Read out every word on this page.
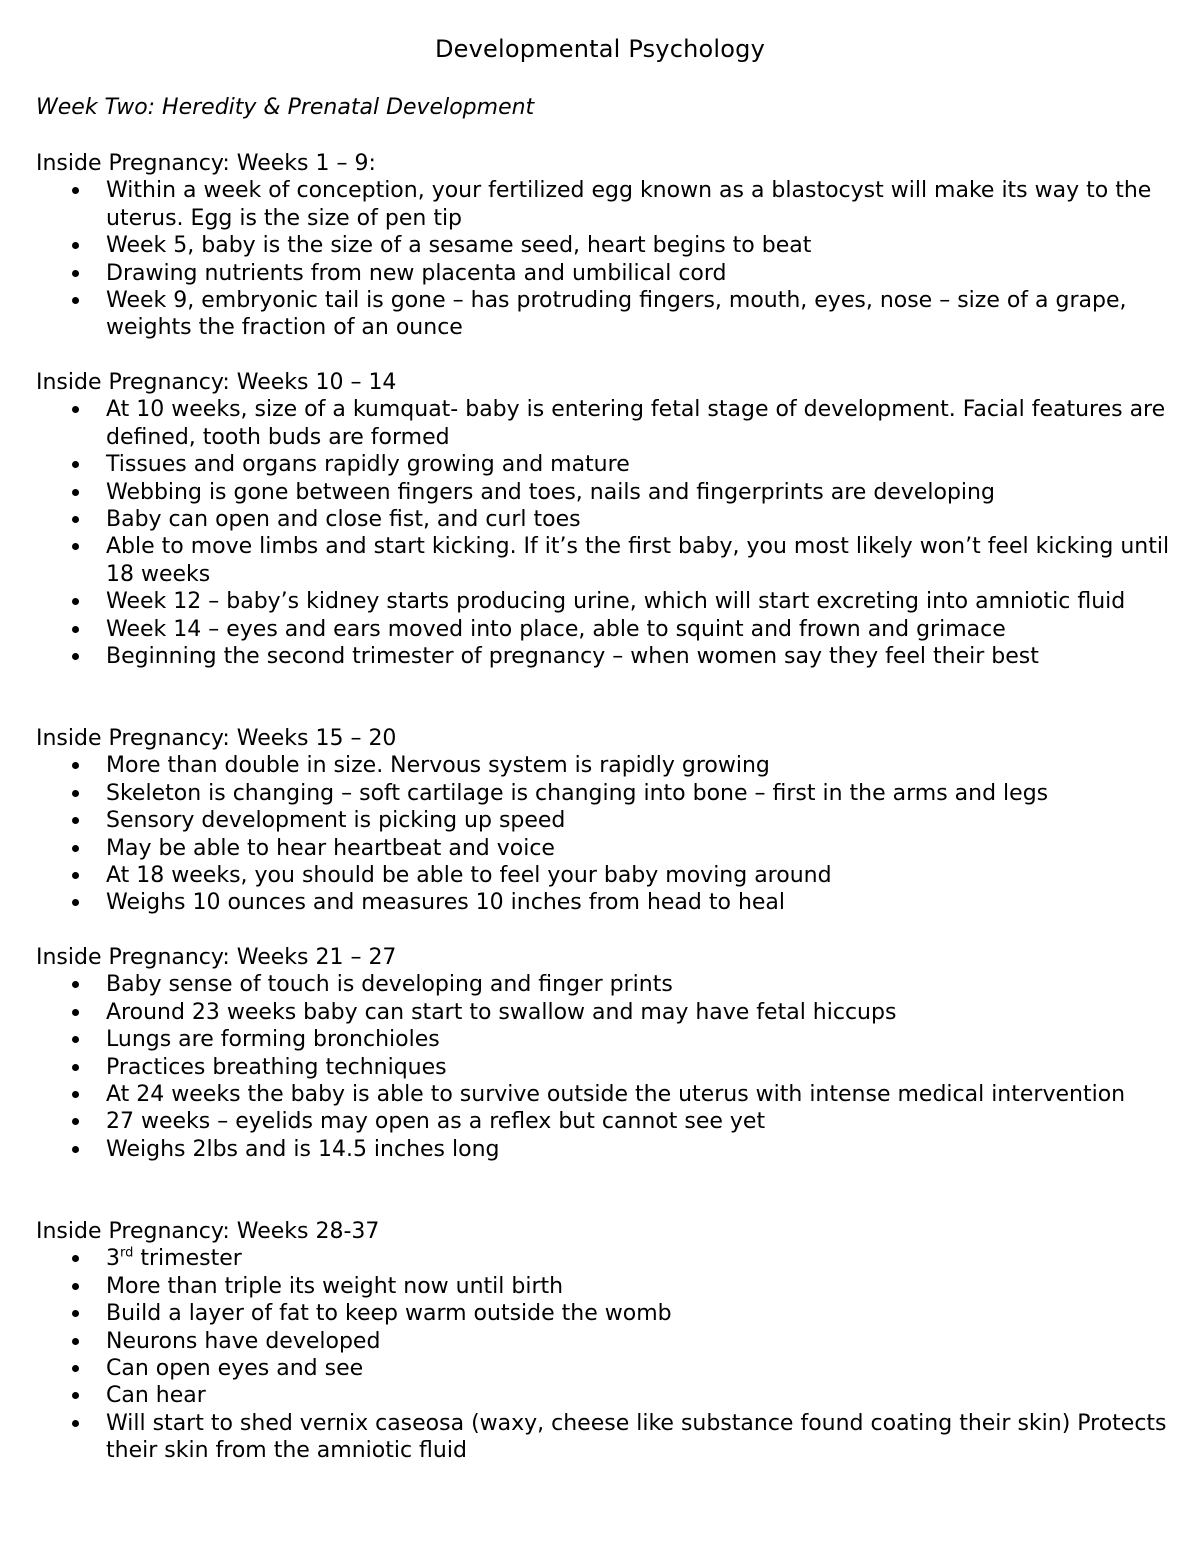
Developmental Psychology
Week Two: Heredity & Prenatal Development
Inside Pregnancy: Weeks 1 – 9:
Within a week of conception, your fertilized egg known as a blastocyst will make its way to the uterus. Egg is the size of pen tip
Week 5, baby is the size of a sesame seed, heart begins to beat
Drawing nutrients from new placenta and umbilical cord
Week 9, embryonic tail is gone – has protruding fingers, mouth, eyes, nose – size of a grape, weights the fraction of an ounce
Inside Pregnancy: Weeks 10 – 14
At 10 weeks, size of a kumquat- baby is entering fetal stage of development. Facial features are defined, tooth buds are formed
Tissues and organs rapidly growing and mature
Webbing is gone between fingers and toes, nails and fingerprints are developing
Baby can open and close fist, and curl toes
Able to move limbs and start kicking. If it’s the first baby, you most likely won’t feel kicking until 18 weeks
Week 12 – baby’s kidney starts producing urine, which will start excreting into amniotic fluid
Week 14 – eyes and ears moved into place, able to squint and frown and grimace
Beginning the second trimester of pregnancy – when women say they feel their best
Inside Pregnancy: Weeks 15 – 20
More than double in size. Nervous system is rapidly growing
Skeleton is changing – soft cartilage is changing into bone – first in the arms and legs
Sensory development is picking up speed
May be able to hear heartbeat and voice
At 18 weeks, you should be able to feel your baby moving around
Weighs 10 ounces and measures 10 inches from head to heal
Inside Pregnancy: Weeks 21 – 27
Baby sense of touch is developing and finger prints
Around 23 weeks baby can start to swallow and may have fetal hiccups
Lungs are forming bronchioles
Practices breathing techniques
At 24 weeks the baby is able to survive outside the uterus with intense medical intervention
27 weeks – eyelids may open as a reflex but cannot see yet
Weighs 2lbs and is 14.5 inches long
Inside Pregnancy: Weeks 28-37
3rd trimester
More than triple its weight now until birth
Build a layer of fat to keep warm outside the womb
Neurons have developed
Can open eyes and see
Can hear
Will start to shed vernix caseosa (waxy, cheese like substance found coating their skin) Protects their skin from the amniotic fluid
